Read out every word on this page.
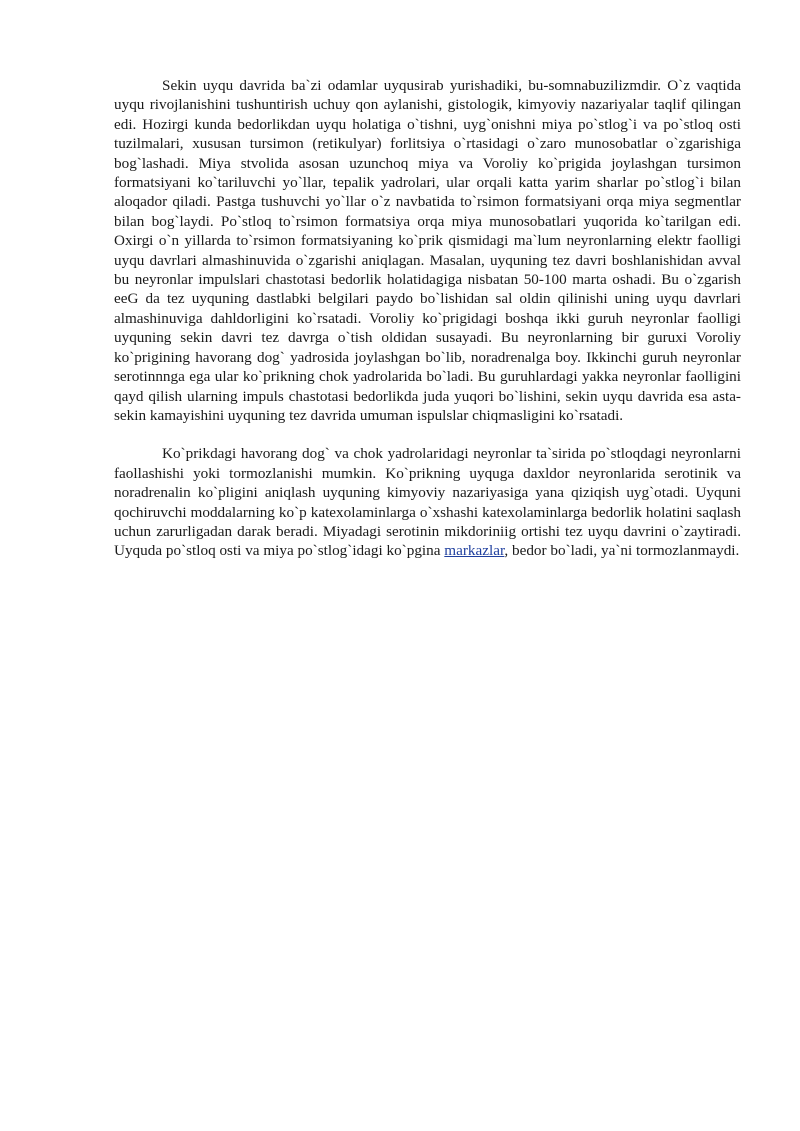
Sekin uyqu davrida ba`zi odamlar uyqusirab yurishadiki, bu-somnabuzilizmdir. O`z vaqtida uyqu rivojlanishini tushuntirish uchuy qon aylanishi, gistologik, kimyoviy nazariyalar taqlif qilingan edi. Hozirgi kunda bedorlikdan uyqu holatiga o`tishni, uyg`onishni miya po`stlog`i va po`stloq osti tuzilmalari, xususan tursimon (retikulyar) forlitsiya o`rtasidagi o`zaro munosobatlar o`zgarishiga bog`lashadi. Miya stvolida asosan uzunchoq miya va Voroliy ko`prigida joylashgan tursimon formatsiyani ko`tariluvchi yo`llar, tepalik yadrolari, ular orqali katta yarim sharlar po`stlog`i bilan aloqador qiladi. Pastga tushuvchi yo`llar o`z navbatida to`rsimon formatsiyani orqa miya segmentlar bilan bog`laydi. Po`stloq to`rsimon formatsiya orqa miya munosobatlari yuqorida ko`tarilgan edi. Oxirgi o`n yillarda to`rsimon formatsiyaning ko`prik qismidagi ma`lum neyronlarning elektr faolligi uyqu davrlari almashinuvida o`zgarishi aniqlagan. Masalan, uyquning tez davri boshlanishidan avval bu neyronlar impulslari chastotasi bedorlik holatidagiga nisbatan 50-100 marta oshadi. Bu o`zgarish eeG da tez uyquning dastlabki belgilari paydo bo`lishidan sal oldin qilinishi uning uyqu davrlari almashinuviga dahldorligini ko`rsatadi. Voroliy ko`prigidagi boshqa ikki guruh neyronlar faolligi uyquning sekin davri tez davrga o`tish oldidan susayadi. Bu neyronlarning bir guruxi Voroliy ko`prigining havorang dog` yadrosida joylashgan bo`lib, noradrenalga boy. Ikkinchi guruh neyronlar serotinnnga ega ular ko`prikning chok yadrolarida bo`ladi. Bu guruhlardagi yakka neyronlar faolligini qayd qilish ularning impuls chastotasi bedorlikda juda yuqori bo`lishini, sekin uyqu davrida esa asta-sekin kamayishini uyquning tez davrida umuman ispulslar chiqmasligini ko`rsatadi.

Ko`prikdagi havorang dog` va chok yadrolaridagi neyronlar ta`sirida po`stloqdagi neyronlarni faollashishi yoki tormozlanishi mumkin. Ko`prikning uyquga daxldor neyronlarida serotinik va noradrenalin ko`pligini aniqlash uyquning kimyoviy nazariyasiga yana qiziqish uyg`otadi. Uyquni qochiruvchi moddalarning ko`p katexolaminlarga o`xshashi katexolaminlarga bedorlik holatini saqlash uchun zarurligadan darak beradi. Miyadagi serotinin mikdoriniig ortishi tez uyqu davrini o`zaytiradi. Uyquda po`stloq osti va miya po`stlog`idagi ko`pgina markazlar, bedor bo`ladi, ya`ni tormozlanmaydi.
